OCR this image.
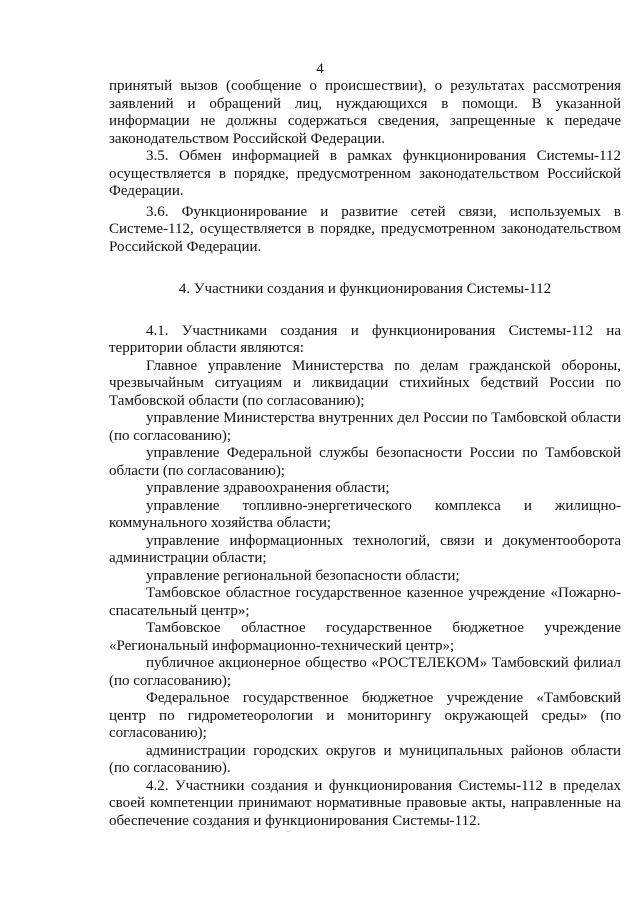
4

принятый вызов (сообщение о происшествии), о результатах рассмотрения заявлений и обращений лиц, нуждающихся в помощи. В указанной информации не должны содержаться сведения, запрещенные к передаче законодательством Российской Федерации.

3.5. Обмен информацией в рамках функционирования Системы-112 осуществляется в порядке, предусмотренном законодательством Российской Федерации.

3.6. Функционирование и развитие сетей связи, используемых в Системе-112, осуществляется в порядке, предусмотренном законодательством Российской Федерации.

4. Участники создания и функционирования Системы-112

4.1. Участниками создания и функционирования Системы-112 на территории области являются:

Главное управление Министерства по делам гражданской обороны, чрезвычайным ситуациям и ликвидации стихийных бедствий России по Тамбовской области (по согласованию);

управление Министерства внутренних дел России по Тамбовской области (по согласованию);

управление Федеральной службы безопасности России по Тамбовской области (по согласованию);

управление здравоохранения области;

управление топливно-энергетического комплекса и жилищно-коммунального хозяйства области;

управление информационных технологий, связи и документооборота администрации области;

управление региональной безопасности области;

Тамбовское областное государственное казенное учреждение «Пожарно-спасательный центр»;

Тамбовское областное государственное бюджетное учреждение «Региональный информационно-технический центр»;

публичное акционерное общество «РОСТЕЛЕКОМ» Тамбовский филиал (по согласованию);

Федеральное государственное бюджетное учреждение «Тамбовский центр по гидрометеорологии и мониторингу окружающей среды» (по согласованию);

администрации городских округов и муниципальных районов области (по согласованию).

4.2. Участники создания и функционирования Системы-112 в пределах своей компетенции принимают нормативные правовые акты, направленные на обеспечение создания и функционирования Системы-112.
